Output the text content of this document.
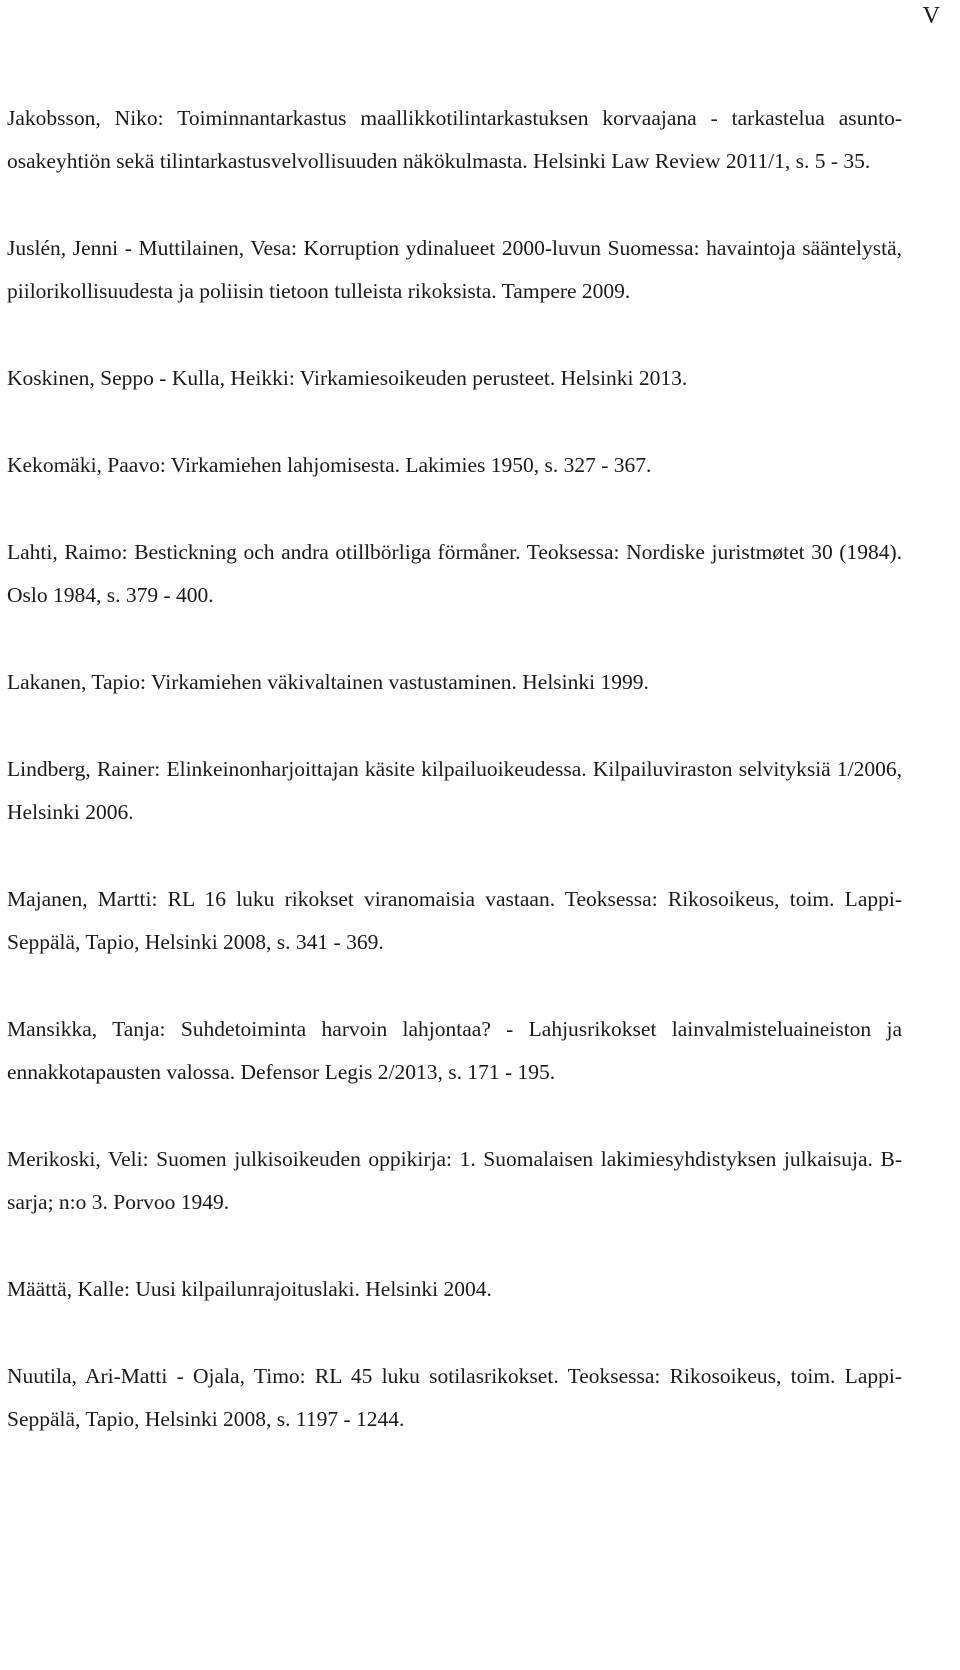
V

Jakobsson, Niko: Toiminnantarkastus maallikkotilintarkastuksen korvaajana - tarkastelua asunto-osakeyhtiön sekä tilintarkastusvelvollisuuden näkökulmasta. Helsinki Law Review 2011/1, s. 5 - 35.

Juslén, Jenni - Muttilainen, Vesa: Korruption ydinalueet 2000-luvun Suomessa: havaintoja sääntelystä, piilorikollisuudesta ja poliisin tietoon tulleista rikoksista. Tampere 2009.

Koskinen, Seppo - Kulla, Heikki: Virkamiesoikeuden perusteet. Helsinki 2013.

Kekomäki, Paavo: Virkamiehen lahjomisesta. Lakimies 1950, s. 327 - 367.

Lahti, Raimo: Bestickning och andra otillbörliga förmåner. Teoksessa: Nordiske juristmøtet 30 (1984). Oslo 1984, s. 379 - 400.

Lakanen, Tapio: Virkamiehen väkivaltainen vastustaminen. Helsinki 1999.

Lindberg, Rainer: Elinkeinonharjoittajan käsite kilpailuoikeudessa. Kilpailuviraston selvityksiä 1/2006, Helsinki 2006.

Majanen, Martti: RL 16 luku rikokset viranomaisia vastaan. Teoksessa: Rikosoikeus, toim. Lappi-Seppälä, Tapio, Helsinki 2008, s. 341 - 369.

Mansikka, Tanja: Suhdetoiminta harvoin lahjontaa? - Lahjusrikokset lainvalmisteluaineiston ja ennakkotapausten valossa. Defensor Legis 2/2013, s. 171 - 195.

Merikoski, Veli: Suomen julkisoikeuden oppikirja: 1. Suomalaisen lakimiesyhdistyksen julkaisuja. B-sarja; n:o 3. Porvoo 1949.

Määttä, Kalle: Uusi kilpailunrajoituslaki. Helsinki 2004.

Nuutila, Ari-Matti - Ojala, Timo: RL 45 luku sotilasrikokset. Teoksessa: Rikosoikeus, toim. Lappi-Seppälä, Tapio, Helsinki 2008, s. 1197 - 1244.
